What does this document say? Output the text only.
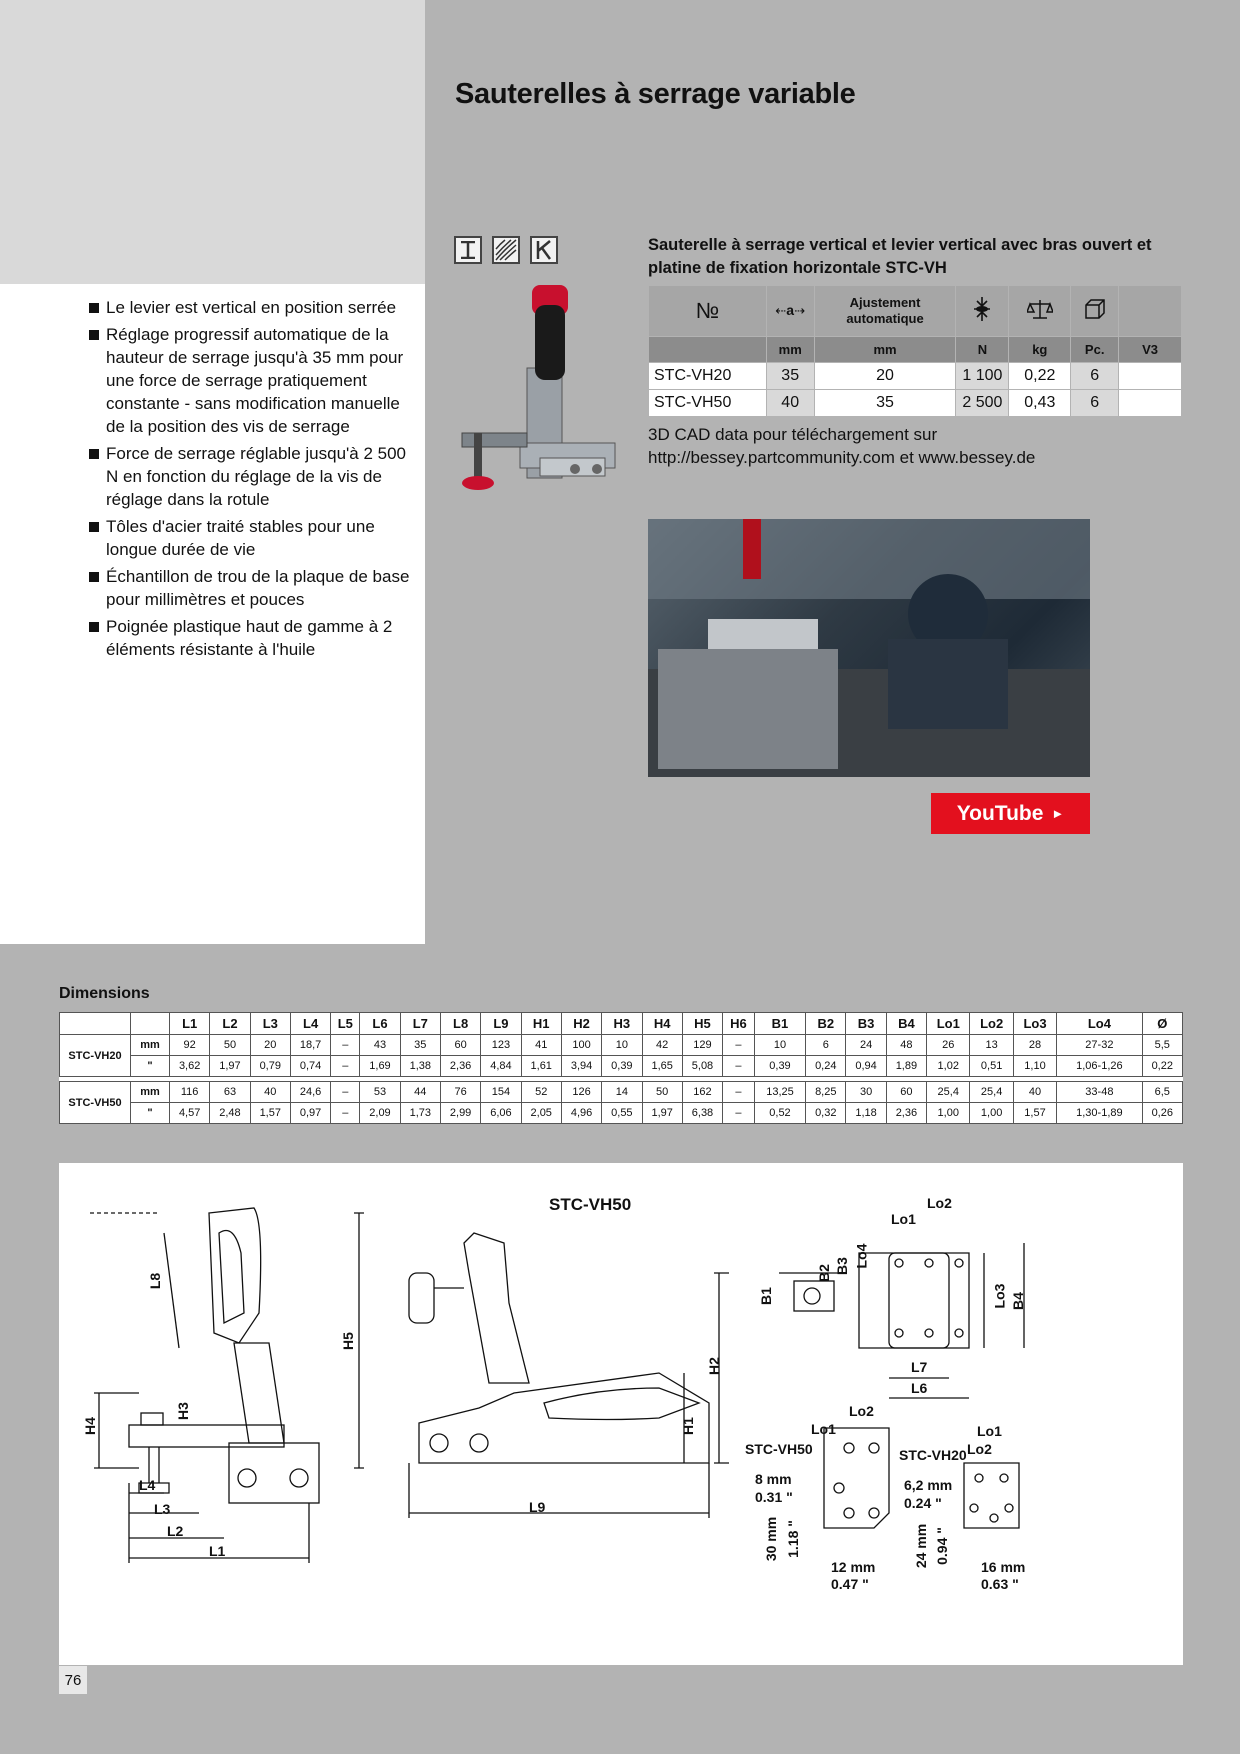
Sauterelles à serrage variable
Le levier est vertical en position serrée
Réglage progressif automatique de la hauteur de serrage jusqu'à 35 mm pour une force de serrage pratiquement constante - sans modification manuelle de la position des vis de serrage
Force de serrage réglable jusqu'à 2 500 N en fonction du réglage de la vis de réglage dans la rotule
Tôles d'acier traité stables pour une longue durée de vie
Échantillon de trou de la plaque de base pour millimètres et pouces
Poignée plastique haut de gamme à 2 éléments résistante à l'huile
Sauterelle à serrage vertical et levier vertical avec bras ouvert et platine de fixation horizontale STC-VH
№	⇠a⇢	Ajustement automatique				
	mm	mm	N	kg	Pc.	V3
STC-VH20	35	20	1 100	0,22	6	
STC-VH50	40	35	2 500	0,43	6	
3D CAD data pour téléchargement sur
http://bessey.partcommunity.com et www.bessey.de
YouTube ►
Dimensions
		L1	L2	L3	L4	L5	L6	L7	L8	L9	H1	H2	H3	H4	H5	H6	B1	B2	B3	B4	Lo1	Lo2	Lo3	Lo4	Ø
STC-VH20	mm	92	50	20	18,7	–	43	35	60	123	41	100	10	42	129	–	10	6	24	48	26	13	28	27-32	5,5
	"	3,62	1,97	0,79	0,74	–	1,69	1,38	2,36	4,84	1,61	3,94	0,39	1,65	5,08	–	0,39	0,24	0,94	1,89	1,02	0,51	1,10	1,06-1,26	0,22

STC-VH50	mm	116	63	40	24,6	–	53	44	76	154	52	126	14	50	162	–	13,25	8,25	30	60	25,4	25,4	40	33-48	6,5
	"	4,57	2,48	1,57	0,97	–	2,09	1,73	2,99	6,06	2,05	4,96	0,55	1,97	6,38	–	0,52	0,32	1,18	2,36	1,00	1,00	1,57	1,30-1,89	0,26
STC-VH50
L8
H5
H4
H3
L4
L3
L2
L1
H2
H1
L9
Lo1
Lo2
Lo4
B3
B2
B1	Lo3 B4
L7
L6
STC-VH50
Lo1
Lo2
8 mm
0.31 "
30 mm 1.18 "
12 mm
0.47 "
STC-VH20
Lo1
Lo2
6,2 mm
0.24 "
24 mm 0.94 "
16 mm
0.63 "
76
